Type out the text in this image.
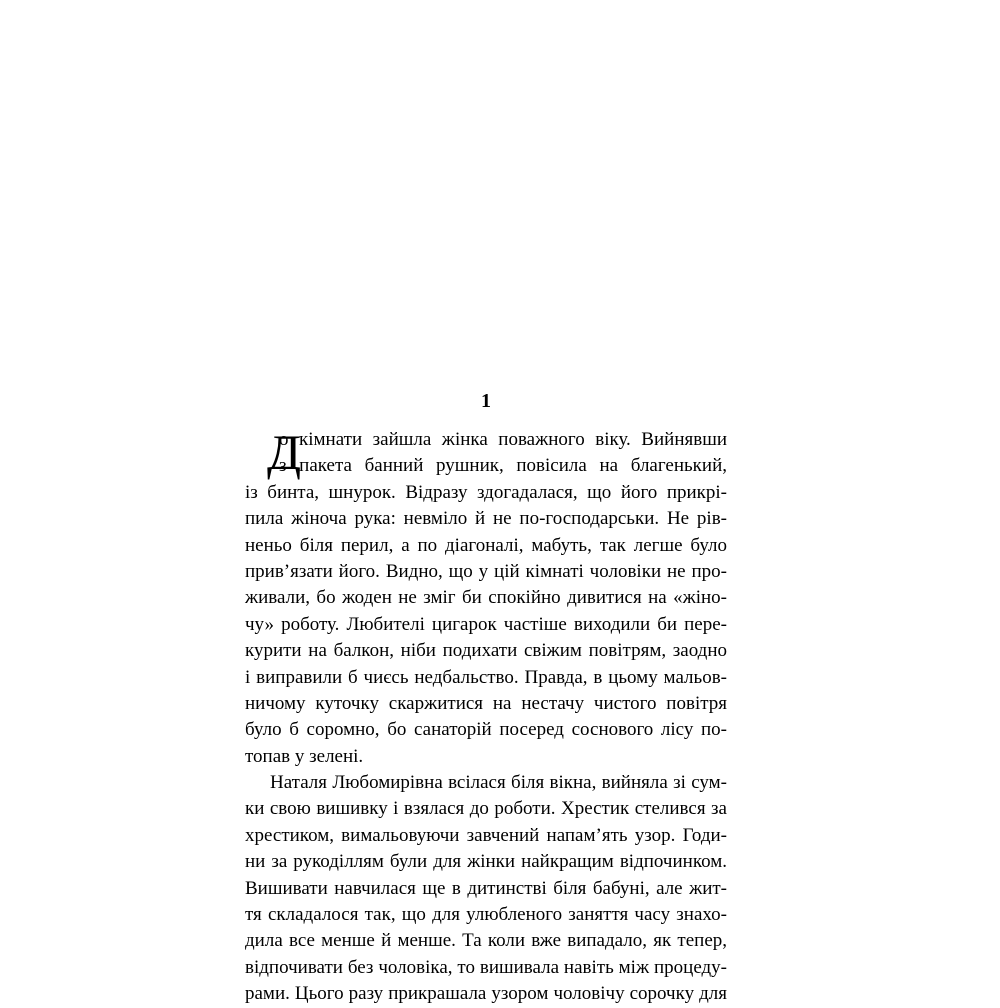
1
Д
о кімнати зайшла жінка поважного віку. Вийнявши
з пакета банний рушник, повісила на благенький,
із бинта, шнурок. Відразу здогадалася, що його прикрі-
пила жіноча рука: невміло й не по-господарськи. Не рів-
неньо біля перил, а по діагоналі, мабуть, так легше було
прив’язати його. Видно, що у цій кімнаті чоловіки не про-
живали, бо жоден не зміг би спокійно дивитися на «жіно-
чу» роботу. Любителі цигарок частіше виходили би пере-
курити на балкон, ніби подихати свіжим повітрям, заодно
і виправили б чиєсь недбальство. Правда, в цьому мальов-
ничому куточку скаржитися на нестачу чистого повітря
було б соромно, бо санаторій посеред соснового лісу по-
топав у зелені.
Наталя Любомирівна всілася біля вікна, вийняла зі сум-
ки свою вишивку і взялася до роботи. Хрестик стелився за
хрестиком, вимальовуючи завчений напам’ять узор. Годи-
ни за рукоділлям були для жінки найкращим відпочинком.
Вишивати навчилася ще в дитинстві біля бабуні, але жит-
тя складалося так, що для улюбленого заняття часу знахо-
дила все менше й менше. Та коли вже випадало, як тепер,
відпочивати без чоловіка, то вишивала навіть між процеду-
рами. Цього разу прикрашала узором чоловічу сорочку для
